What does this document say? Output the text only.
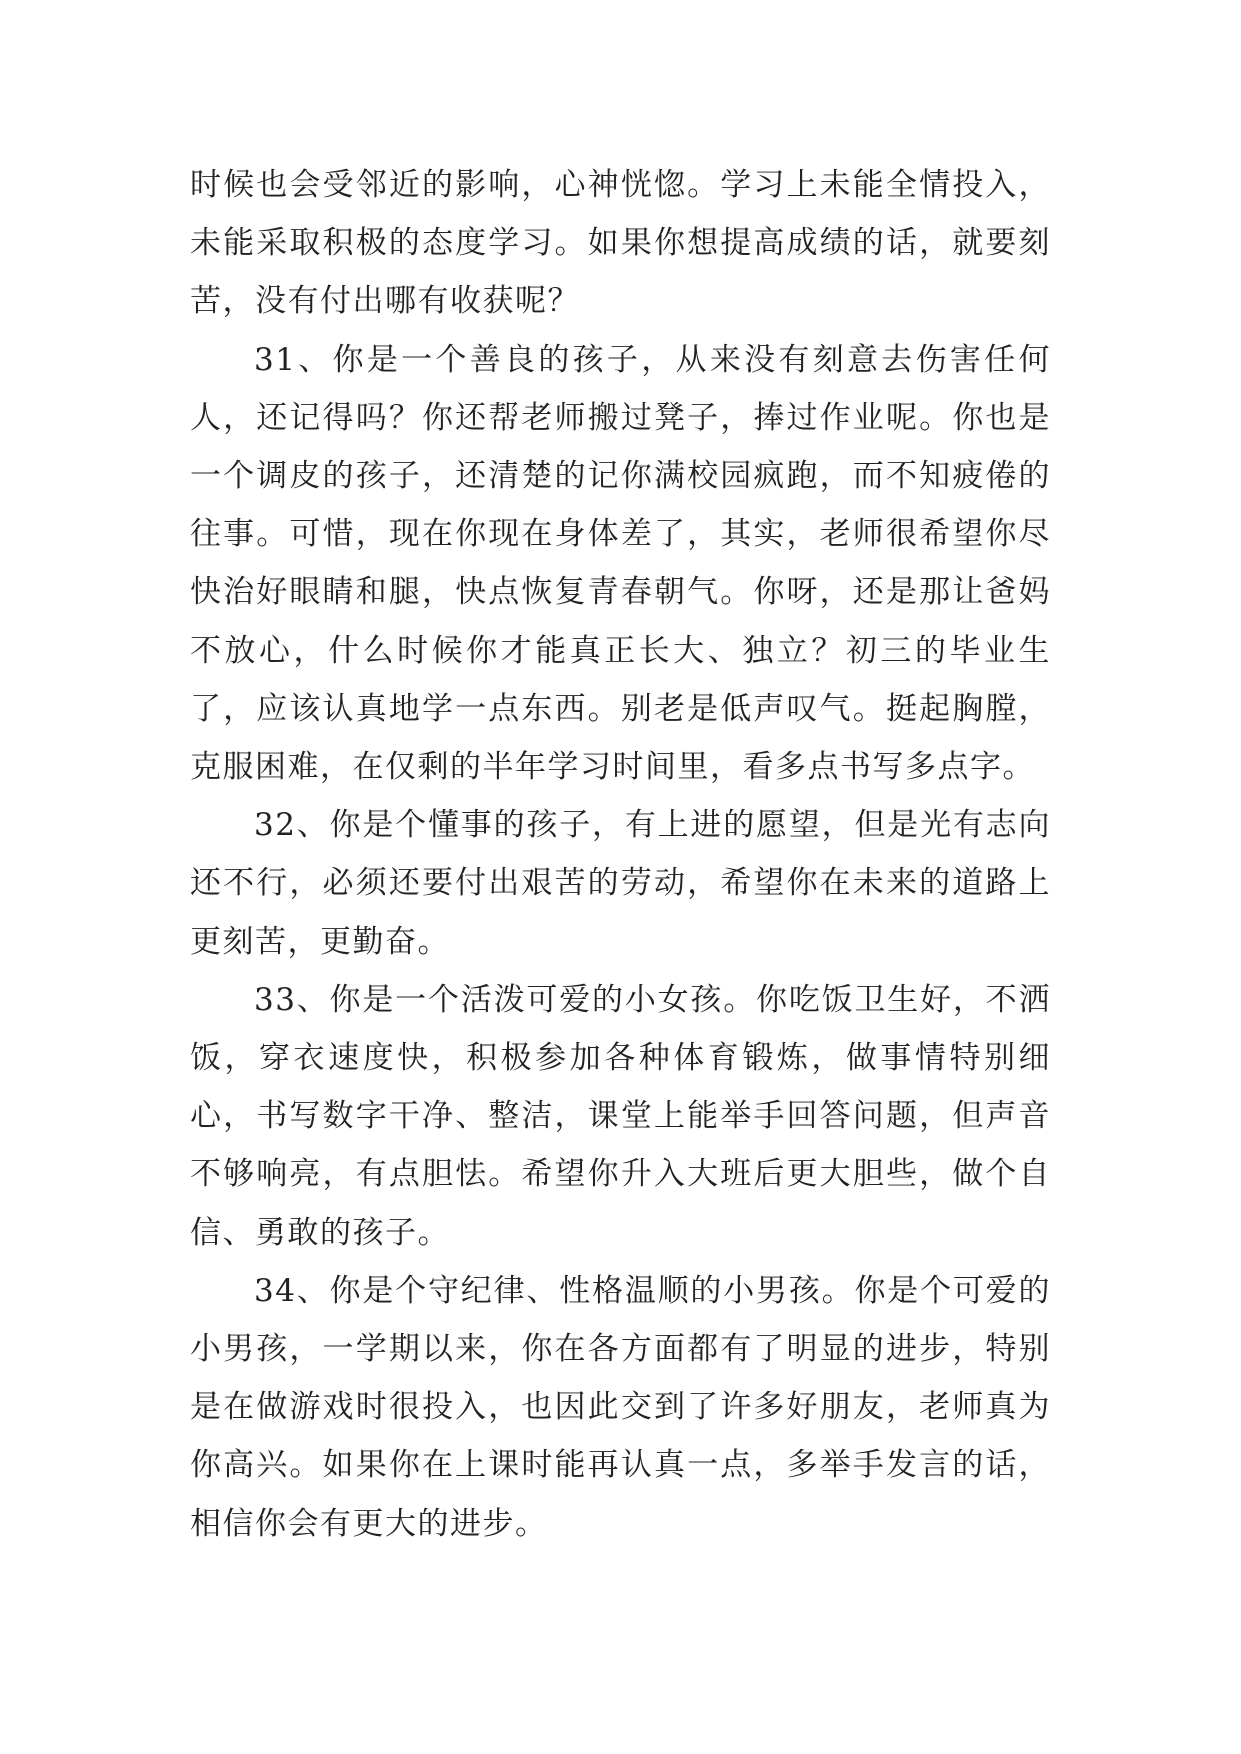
时候也会受邻近的影响，心神恍惚。学习上未能全情投入，未能采取积极的态度学习。如果你想提高成绩的话，就要刻苦，没有付出哪有收获呢？

31、你是一个善良的孩子，从来没有刻意去伤害任何人，还记得吗？你还帮老师搬过凳子，捧过作业呢。你也是一个调皮的孩子，还清楚的记你满校园疯跑，而不知疲倦的往事。可惜，现在你现在身体差了，其实，老师很希望你尽快治好眼睛和腿，快点恢复青春朝气。你呀，还是那让爸妈不放心，什么时候你才能真正长大、独立？初三的毕业生了，应该认真地学一点东西。别老是低声叹气。挺起胸膛，克服困难，在仅剩的半年学习时间里，看多点书写多点字。

32、你是个懂事的孩子，有上进的愿望，但是光有志向还不行，必须还要付出艰苦的劳动，希望你在未来的道路上更刻苦，更勤奋。

33、你是一个活泼可爱的小女孩。你吃饭卫生好，不洒饭，穿衣速度快，积极参加各种体育锻炼，做事情特别细心，书写数字干净、整洁，课堂上能举手回答问题，但声音不够响亮，有点胆怯。希望你升入大班后更大胆些，做个自信、勇敢的孩子。

34、你是个守纪律、性格温顺的小男孩。你是个可爱的小男孩，一学期以来，你在各方面都有了明显的进步，特别是在做游戏时很投入，也因此交到了许多好朋友，老师真为你高兴。如果你在上课时能再认真一点，多举手发言的话，相信你会有更大的进步。
